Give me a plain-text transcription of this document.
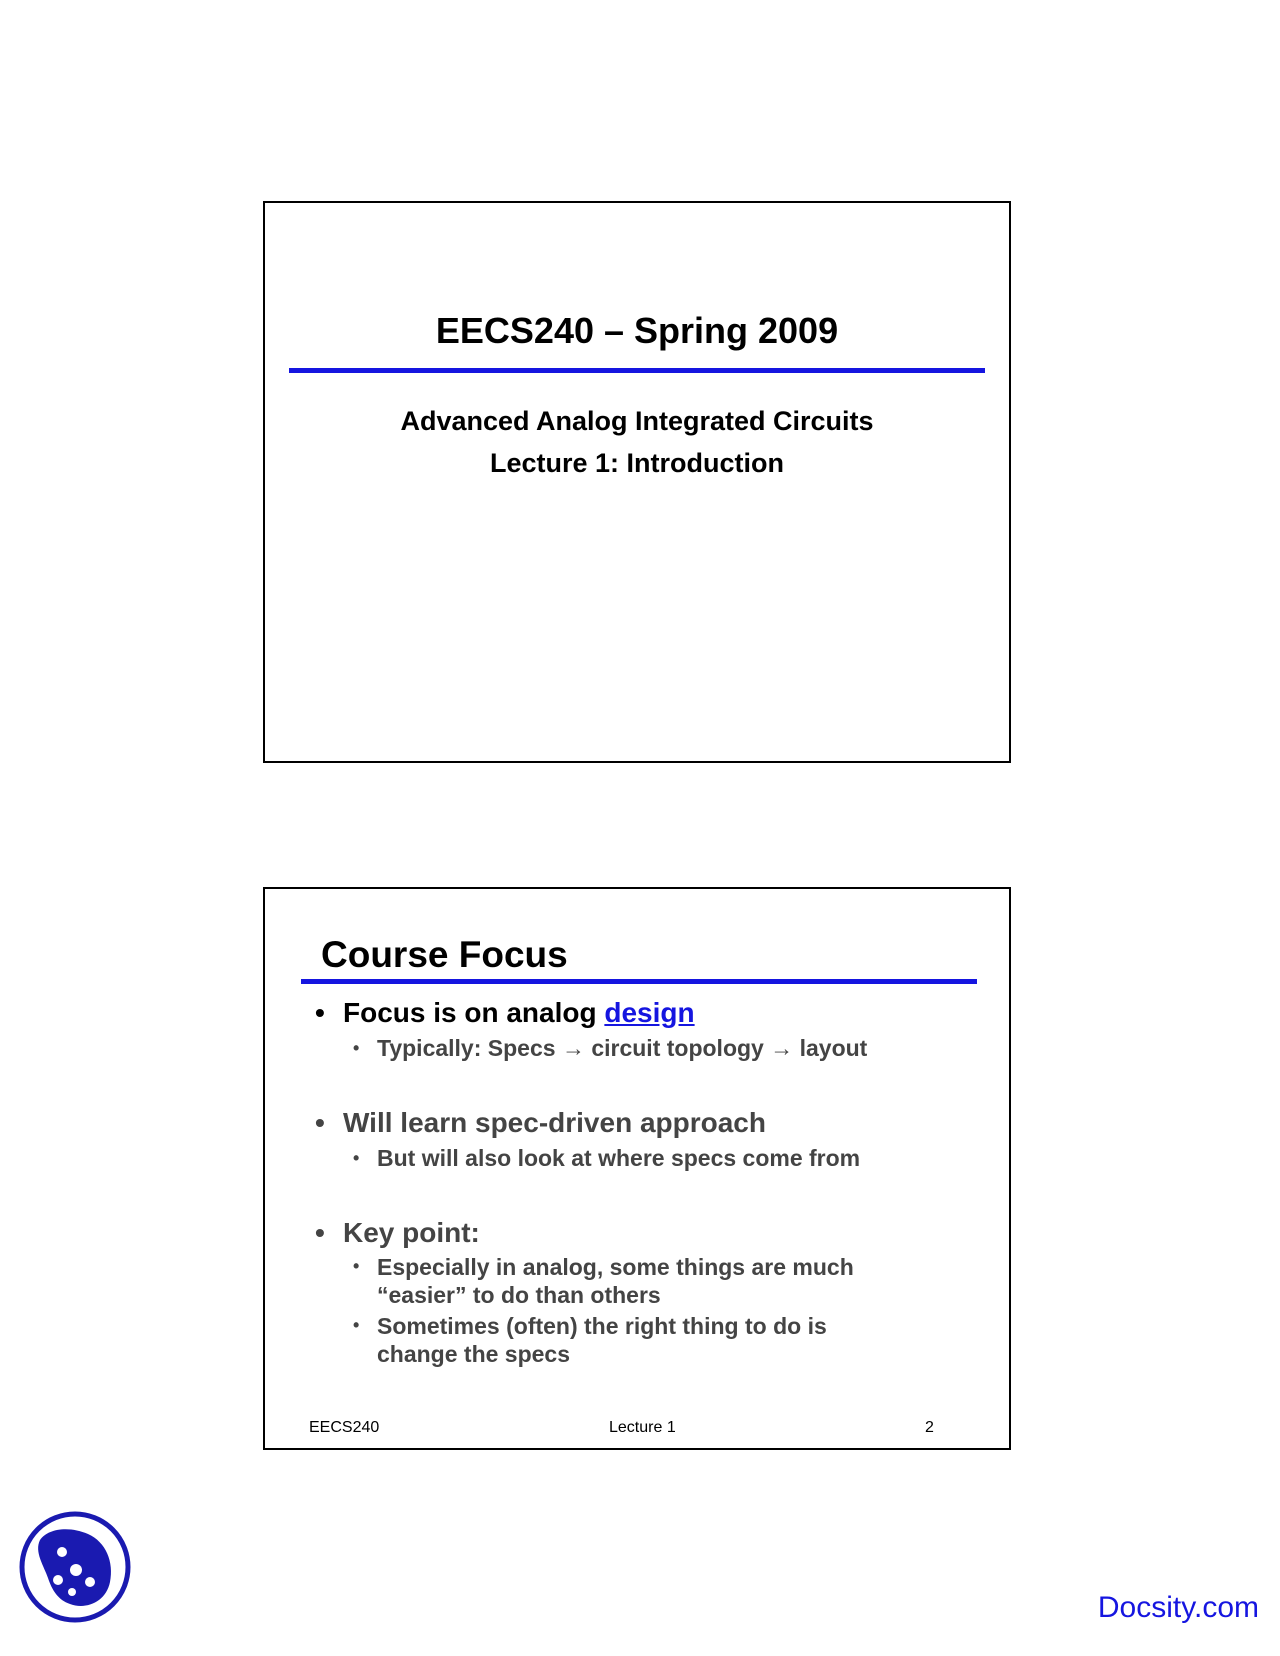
EECS240 – Spring 2009
Advanced Analog Integrated Circuits
Lecture 1: Introduction
Course Focus
• Focus is on analog design
• Typically: Specs → circuit topology → layout
• Will learn spec-driven approach
• But will also look at where specs come from
• Key point:
• Especially in analog, some things are much
“easier” to do than others
• Sometimes (often) the right thing to do is
change the specs
EECS240	Lecture 1	2
Docsity.com
